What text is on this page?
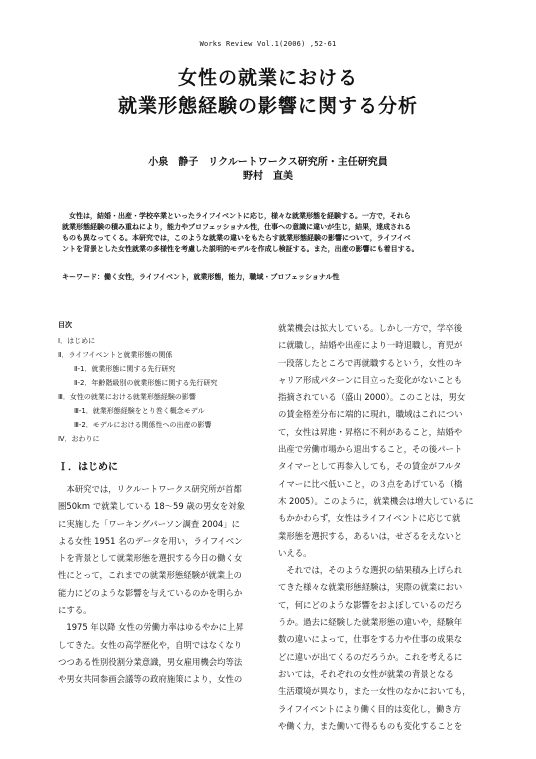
Works Review Vol.1(2006) ,52-61
女性の就業における
就業形態経験の影響に関する分析
小泉　静子　リクルートワークス研究所・主任研究員
野村　直美
　女性は，結婚・出産・学校卒業といったライフイベントに応じ，様々な就業形態を経験する。一方で，それら
就業形態経験の積み重ねにより，能力やプロフェッショナル性，仕事への意識に違いが生じ，結果，達成される
ものも異なってくる。本研究では，このような就業の違いをもたらす就業形態経験の影響について，ライフイベ
ントを背景とした女性就業の多様性を考慮した説明的モデルを作成し検証する。また，出産の影響にも着目する。
キーワード：働く女性，ライフイベント，就業形態，能力，職域・プロフェッショナル性
目次
Ⅰ．はじめに
Ⅱ．ライフイベントと就業形態の関係
Ⅱ-1．就業形態に関する先行研究
Ⅱ-2．年齢階級別の就業形態に関する先行研究
Ⅲ．女性の就業における就業形態経験の影響
Ⅲ-1．就業形態経験をとり巻く概念モデル
Ⅲ-2．モデルにおける関係性への出産の影響
Ⅳ．おわりに
Ｉ．はじめに
　本研究では，リクルートワークス研究所が首都
圏50km で就業している 18～59 歳の男女を対象
に実施した「ワーキングパーソン調査 2004」に
よる女性 1951 名のデータを用い，ライフイベン
トを背景として就業形態を選択する今日の働く女
性にとって，これまでの就業形態経験が就業上の
能力にどのような影響を与えているのかを明らか
にする。
　1975 年以降 女性の労働力率はゆるやかに上昇
してきた。女性の高学歴化や，自明ではなくなり
つつある性別役割分業意識，男女雇用機会均等法
や男女共同参画会議等の政府施策により，女性の
就業機会は拡大している。しかし一方で，学卒後
に就職し，結婚や出産により一時退職し，育児が
一段落したところで再就職するという，女性のキ
ャリア形成パターンに目立った変化がないことも
指摘されている（盛山 2000）。このことは，男女
の賃金格差分布に端的に現れ，職域はこれについ
て，女性は昇進・昇格に不利があること，結婚や
出産で労働市場から退出すること，その後パート
タイマーとして再参入しても，その賃金がフルタ
イマーに比べ低いこと，の３点をあげている（橋
木 2005）。このように，就業機会は増大しているに
もかかわらず，女性はライフイベントに応じて就
業形態を選択する，あるいは，せざるをえないと
いえる。
　それでは，そのような選択の結果積み上げられ
てきた様々な就業形態経験は，実際の就業におい
て，何にどのような影響をおよぼしているのだろ
うか。過去に経験した就業形態の違いや，経験年
数の違いによって，仕事をする力や仕事の成果な
どに違いが出てくるのだろうか。これを考えるに
おいては，それぞれの女性が就業の背景となる
生活環境が異なり，また一女性のなかにおいても，
ライフイベントにより働く目的は変化し，働き方
や働く力，また働いて得るものも変化することを
